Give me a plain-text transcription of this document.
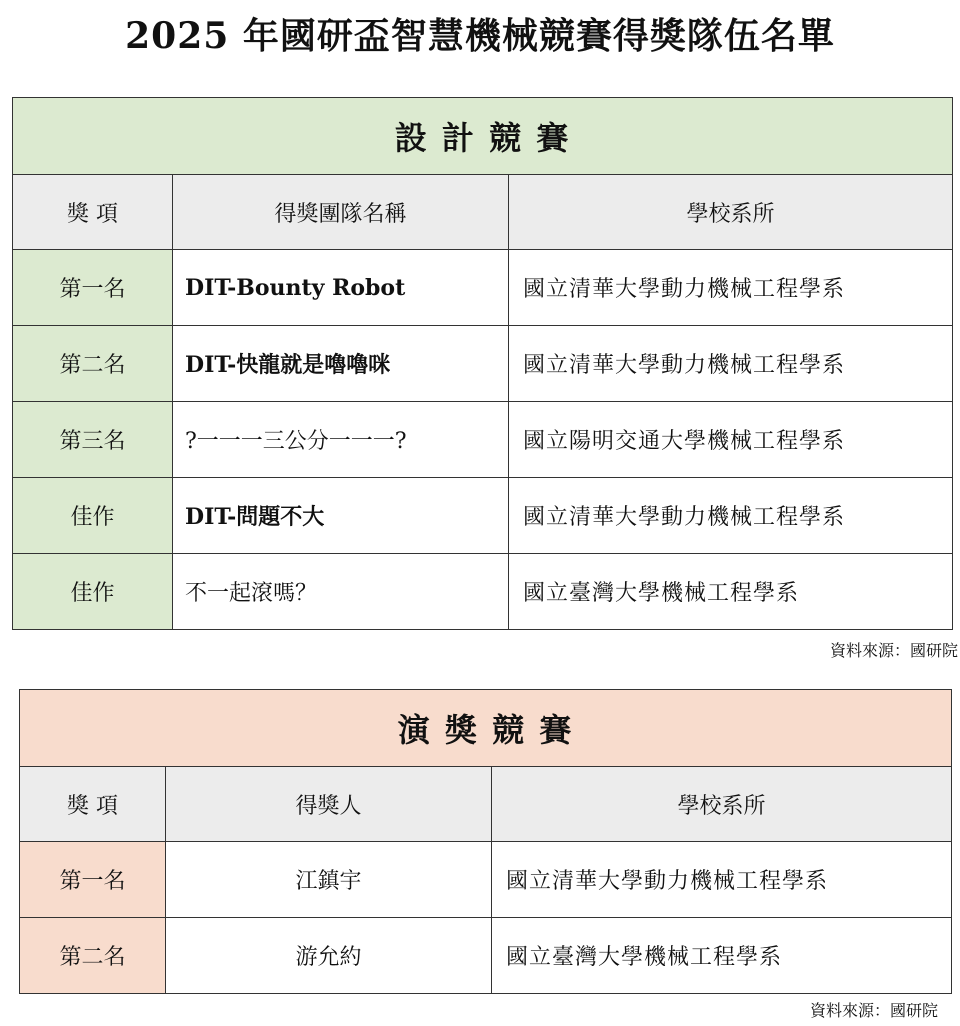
2025 年國研盃智慧機械競賽得獎隊伍名單
設 計 競 賽		
獎 項	得獎團隊名稱	學校系所
第一名	DIT-Bounty Robot	國立清華大學動力機械工程學系
第二名	DIT-快龍就是嚕嚕咪	國立清華大學動力機械工程學系
第三名	?一一一三公分一一一?	國立陽明交通大學機械工程學系
佳作	DIT-問題不大	國立清華大學動力機械工程學系
佳作	不一起滾嗎？	國立臺灣大學機械工程學系
資料來源：國研院
演 獎 競 賽		
獎 項	得獎人	學校系所
第一名	江鎮宇	國立清華大學動力機械工程學系
第二名	游允約	國立臺灣大學機械工程學系
資料來源：國研院
